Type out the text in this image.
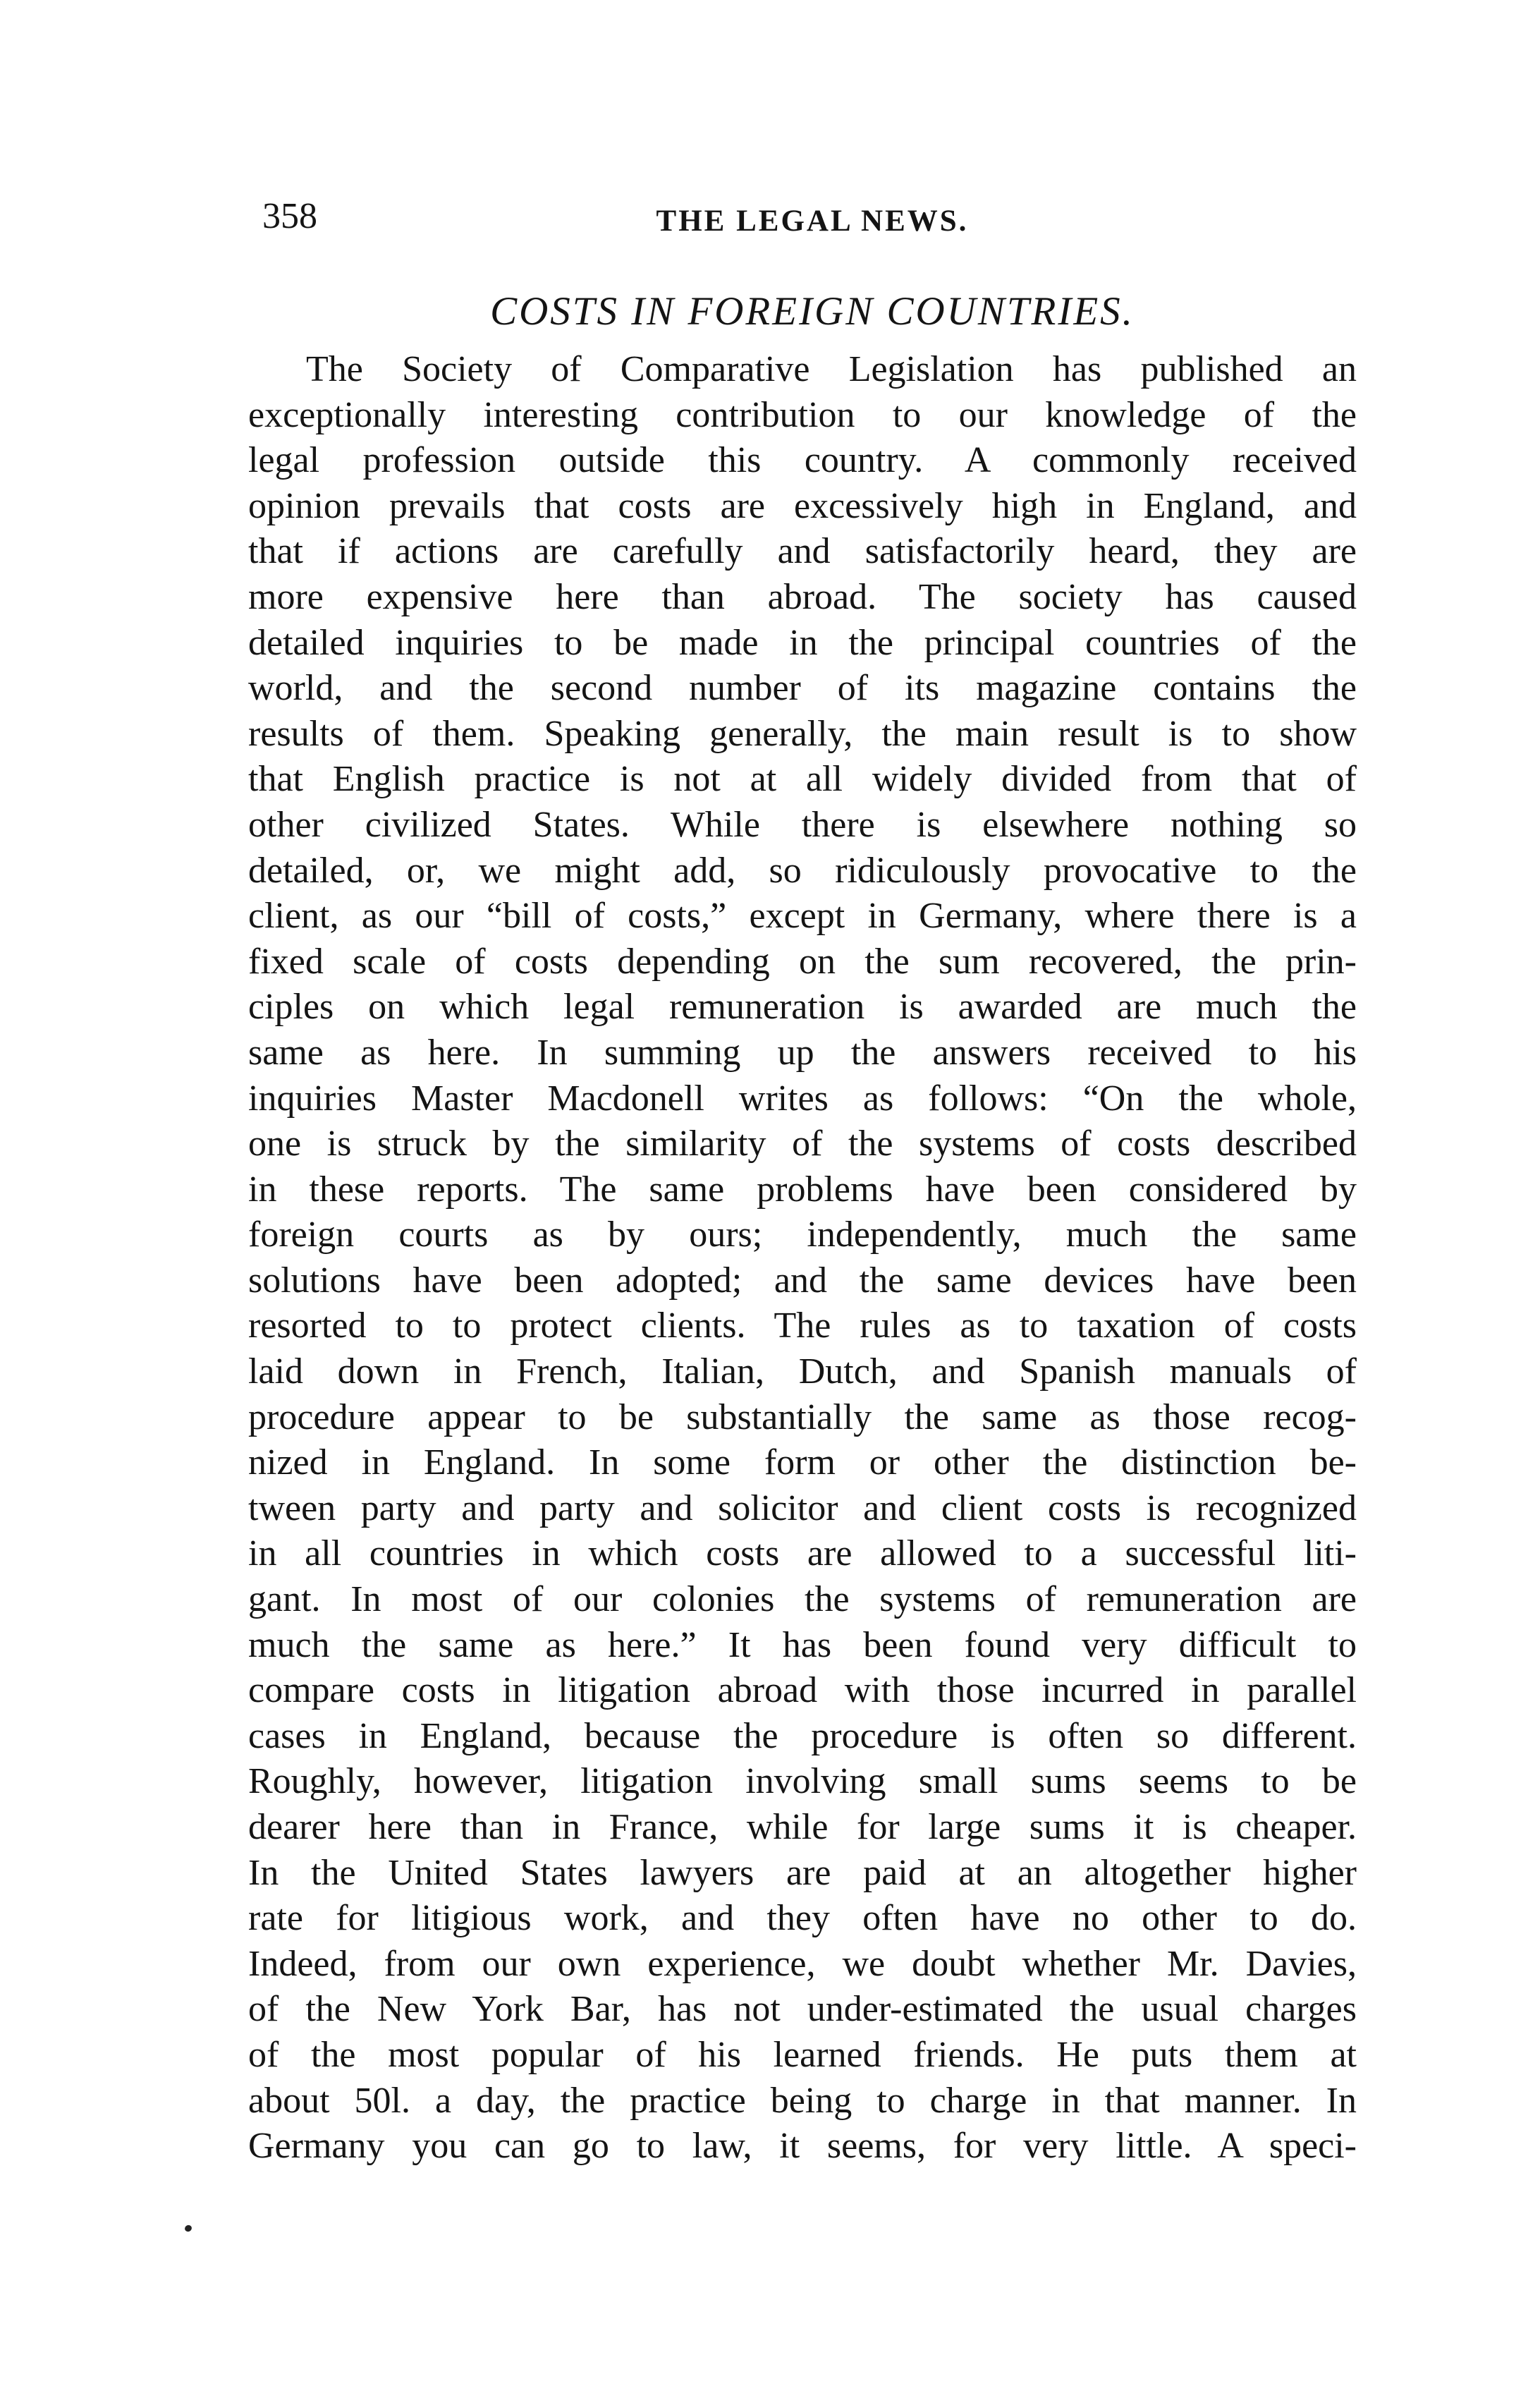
358	THE LEGAL NEWS.
COSTS IN FOREIGN COUNTRIES.
The Society of Comparative Legislation has published an
exceptionally interesting contribution to our knowledge of the
legal profession outside this country. A commonly received
opinion prevails that costs are excessively high in England, and
that if actions are carefully and satisfactorily heard, they are
more expensive here than abroad. The society has caused
detailed inquiries to be made in the principal countries of the
world, and the second number of its magazine contains the
results of them. Speaking generally, the main result is to show
that English practice is not at all widely divided from that of
other civilized States. While there is elsewhere nothing so
detailed, or, we might add, so ridiculously provocative to the
client, as our “bill of costs,” except in Germany, where there is a
fixed scale of costs depending on the sum recovered, the prin-
ciples on which legal remuneration is awarded are much the
same as here. In summing up the answers received to his
inquiries Master Macdonell writes as follows: “On the whole,
one is struck by the similarity of the systems of costs described
in these reports. The same problems have been considered by
foreign courts as by ours; independently, much the same
solutions have been adopted; and the same devices have been
resorted to to protect clients. The rules as to taxation of costs
laid down in French, Italian, Dutch, and Spanish manuals of
procedure appear to be substantially the same as those recog-
nized in England. In some form or other the distinction be-
tween party and party and solicitor and client costs is recognized
in all countries in which costs are allowed to a successful liti-
gant. In most of our colonies the systems of remuneration are
much the same as here.” It has been found very difficult to
compare costs in litigation abroad with those incurred in parallel
cases in England, because the procedure is often so different.
Roughly, however, litigation involving small sums seems to be
dearer here than in France, while for large sums it is cheaper.
In the United States lawyers are paid at an altogether higher
rate for litigious work, and they often have no other to do.
Indeed, from our own experience, we doubt whether Mr. Davies,
of the New York Bar, has not under-estimated the usual charges
of the most popular of his learned friends. He puts them at
about 50l. a day, the practice being to charge in that manner. In
Germany you can go to law, it seems, for very little. A speci-
